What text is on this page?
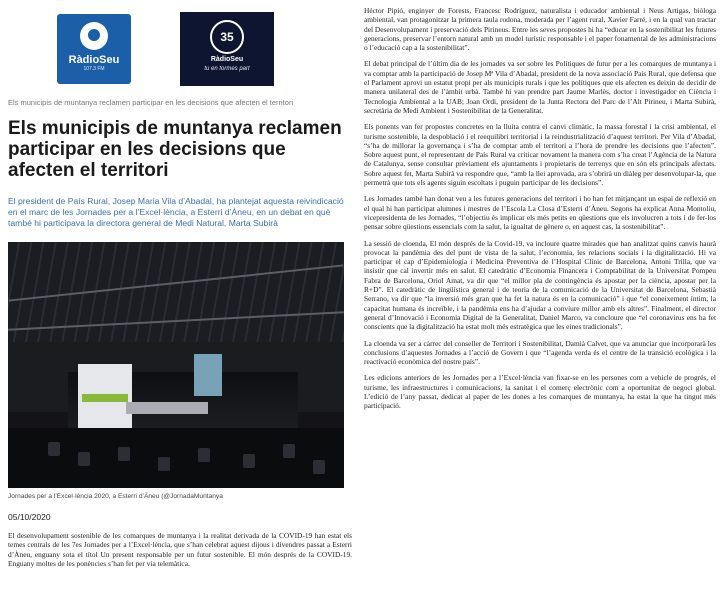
RàdioSeu
107.3 FM
35
RàdioSeu
tu en formes part
Els municipis de muntanya reclamen participar en les decisions que afecten el territori
Els municipis de muntanya reclamen participar en les decisions que afecten el territori

El president de País Rural, Josep Maria Vila d’Abadal, ha plantejat aquesta reivindicació en el marc de les Jornades per a l’Excel·lència, a Esterri d’Àneu, en un debat en què també hi participava la directora general de Medi Natural, Marta Subirà

Jornades per a l’Excel·lència 2020, a Esterri d’Àneu (@JornadaMuntanya
05/10/2020

El desenvolupament sostenible de les comarques de muntanya i la realitat derivada de la COVID-19 han estat els temes centrals de les 7es Jornades per a l’Excel·lència, que s’han celebrat aquest dijous i divendres passat a Esterri d’Àneu, enguany sota el títol Un present responsable per un futur sostenible. El món després de la COVID-19. Enguany moltes de les ponències s’han fet per via telemàtica.

Héctor Pipió, enginyer de Forests, Francesc Rodríguez, naturalista i educador ambiental i Neus Artigas, biòloga ambiental, van protagonitzar la primera taula rodona, moderada per l’agent rural, Xavier Farré, i en la qual van tractar del Desenvolupament i preservació dels Pirineus. Entre les seves propostes hi ha “educar en la sostenibilitat les futures generacions, preservar l’entorn natural amb un model turístic responsable i el paper fonamental de les administracions o l’educació cap a la sostenibilitat”.

El debat principal de l’últim dia de les jornades va ser sobre les Polítiques de futur per a les comarques de muntanya i va comptar amb la participació de Josep Mª Vila d’Abadal, president de la nova associació País Rural, que defensa que el Parlament aprovi un estatut propi per als municipis rurals i que les polítiques que els afecten es deixin de decidir de manera unilateral des de l’àmbit urbà. També hi van prendre part Jaume Marlès, doctor i investigador en Ciència i Tecnologia Ambiental a la UAB; Joan Ordi, president de la Junta Rectora del Parc de l’Alt Pirineu, i Marta Subirà, secretària de Medi Ambient i Sostenibilitat de la Generalitat.

Els ponents van fer propostes concretes en la lluita contra el canvi climàtic, la massa forestal i la crisi ambiental, el turisme sostenible, la despoblació i el reequilibri territorial i la reindustrialització d’aquest territori. Per Vila d’Abadal, “s’ha de millorar la governança i s’ha de comptar amb el territori a l’hora de prendre les decisions que l’afecten”. Sobre aquest punt, el representant de País Rural va criticar novament la manera com s’ha creat l’Agència de la Natura de Catalunya, sense consultar prèviament els ajuntaments i propietaris de terrenys que en són els principals afectats. Sobre aquest fet, Marta Subirà va respondre que, “amb la llei aprovada, ara s’obrirà un diàleg per desenvolupar-la, que permetrà que tots els agents siguin escoltats i puguin participar de les decisions”.

Les Jornades també han donat veu a les futures generacions del territori i ho han fet mitjançant un espai de reflexió en el qual hi han participat alumnes i mestres de l’Escola La Closa d’Esterri d’Àneu. Segons ha explicat Anna Montoliu, vicepresidenta de les Jornades, “l’objectiu és implicar els més petits en qüestions que els involucren a tots i de fer-los pensar sobre qüestions essencials com la salut, la igualtat de gènere o, en aquest cas, la sostenibilitat”.

La sessió de cloenda, El món després de la Covid-19, va incloure quatre mirades que han analitzat quins canvis haurà provocat la pandèmia des del punt de vista de la salut, l’economia, les relacions socials i la digitalització. Hi va participar el cap d’Epidemiologia i Medicina Preventiva de l’Hospital Clínic de Barcelona, Antoni Trilla, que va insistir que cal invertir més en salut. El catedràtic d’Economia Financera i Comptabilitat de la Universitat Pompeu Fabra de Barcelona, Oriol Amat, va dir que “el millor pla de contingència és apostar per la ciència, apostar per la R+D”. El catedràtic de lingüística general i de teoria de la comunicació de la Universitat de Barcelona, Sebastià Serrano, va dir que “la inversió més gran que ha fet la natura és en la comunicació” i que “el coneixement íntim, la capacitat humana és increïble, i la pandèmia ens ha d’ajudar a conviure millor amb els altres”. Finalment, el director general d’Innovació i Economia Digital de la Generalitat, Daniel Marco, va concloure que “el coronavirus ens ha fet conscients que la digitalització ha estat molt més estratègica que les eines tradicionals”.

La cloenda va ser a càrrec del conseller de Territori i Sostenibilitat, Damià Calvet, que va anunciar que incorporarà les conclusions d’aquestes Jornades a l’acció de Govern i que “l’agenda verda és el centre de la transició ecològica i la reactivació econòmica del nostre país”.

Les edicions anteriors de les Jornades per a l’Excel·lència van fixar-se en les persones com a vehicle de progrés, el turisme, les infraestructures i comunicacions, la sanitat i el comerç electrònic com a oportunitat de negoci global. L’edició de l’any passat, dedicat al paper de les dones a les comarques de muntanya, ha estat la que ha tingut més participació.
